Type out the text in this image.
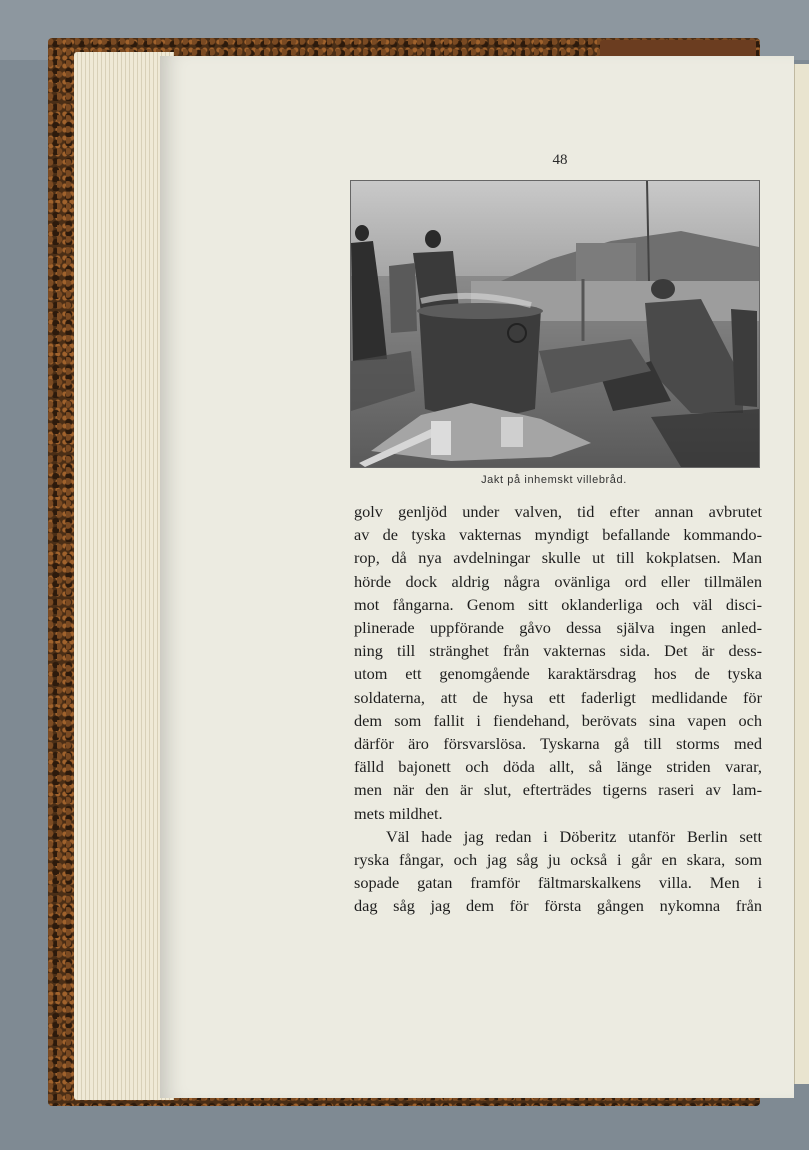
48
Jakt på inhemskt villebråd.
golv genljöd under valven, tid efter annan avbrutet
av de tyska vakternas myndigt befallande kommando-
rop, då nya avdelningar skulle ut till kokplatsen. Man
hörde dock aldrig några ovänliga ord eller tillmälen
mot fångarna. Genom sitt oklanderliga och väl disci-
plinerade uppförande gåvo dessa själva ingen anled-
ning till stränghet från vakternas sida. Det är dess-
utom ett genomgående karaktärsdrag hos de tyska
soldaterna, att de hysa ett faderligt medlidande för
dem som fallit i fiendehand, berövats sina vapen och
därför äro försvarslösa. Tyskarna gå till storms med
fälld bajonett och döda allt, så länge striden varar,
men när den är slut, efterträdes tigerns raseri av lam-
mets mildhet.
Väl hade jag redan i Döberitz utanför Berlin sett
ryska fångar, och jag såg ju också i går en skara, som
sopade gatan framför fältmarskalkens villa. Men i
dag såg jag dem för första gången nykomna från
